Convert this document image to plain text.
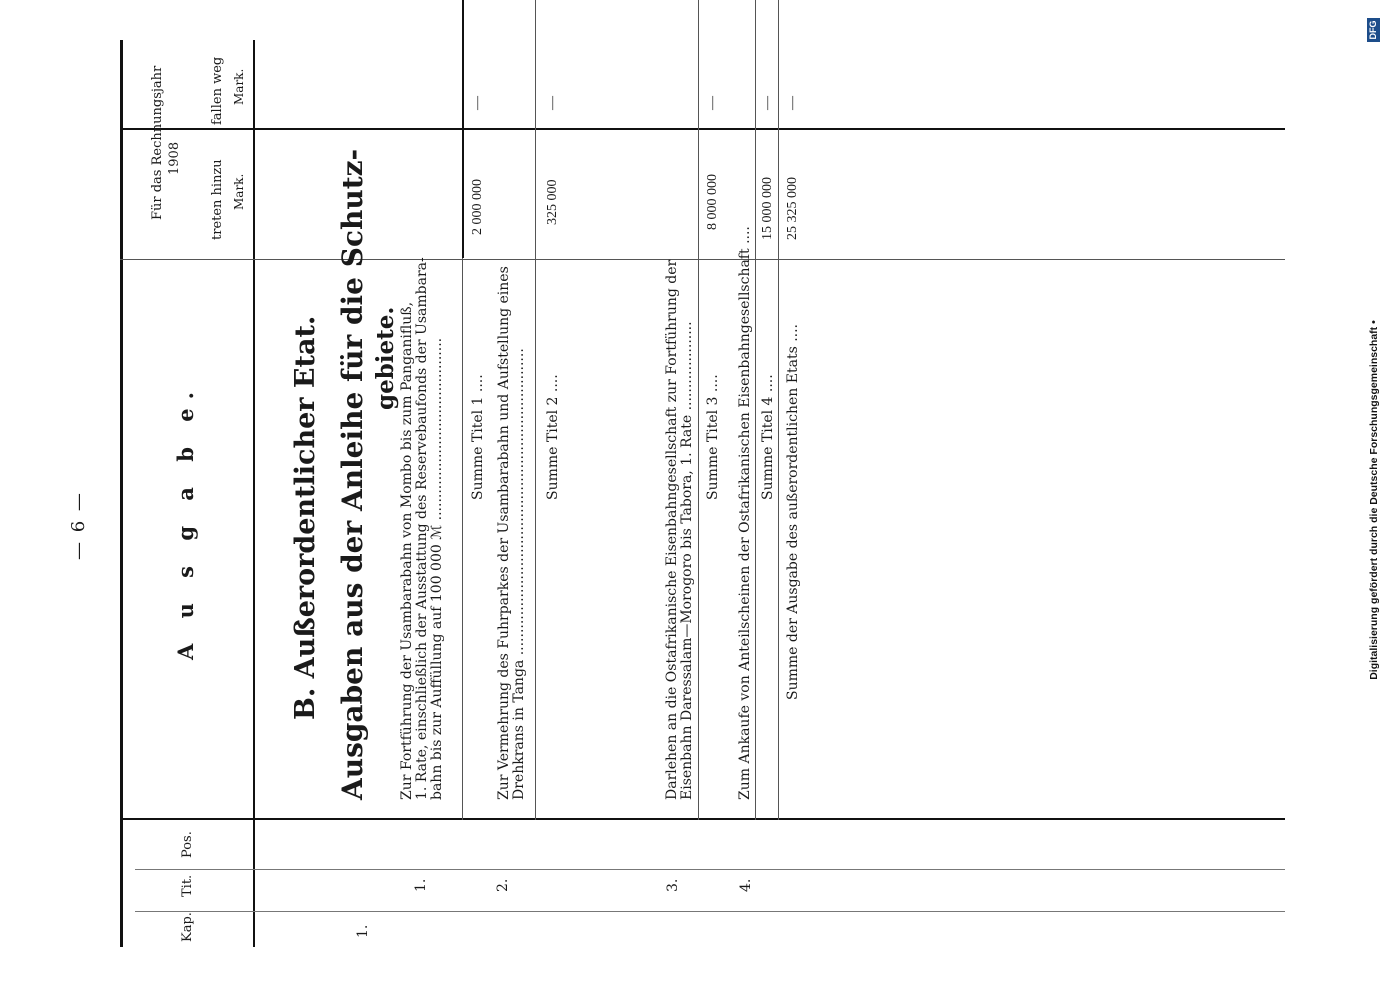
— 6 —	A u s g a b e.
Kap.
Tit.
Pos.
Für das Rechnungsjahr 1908
treten hinzu Mark.
fallen weg Mark.
B. Außerordentlicher Etat. Ausgaben aus der Anleihe für die Schutz- gebiete.
1.
1.
Zur Fortführung der Usambarabahn von Mombo bis zum Panganifluß, 1. Rate, einschließlich der Ausstattung des Reservebaufonds der Usambara- bahn bis zur Auffüllung auf 100 000 ℳ ......................................... Summe Titel 1 ....
2 000 000
—
2.
Zur Vermehrung des Fuhrparkes der Usambarabahn und Aufstellung eines Drehkrans in Tanga ..................................................................... Summe Titel 2 ....
325 000
—
3.
Darlehen an die Ostafrikanische Eisenbahngesellschaft zur Fortführung der Eisenbahn Daressalam—Morogoro bis Tabora, 1. Rate .................... Summe Titel 3 ....
8 000 000
—
4.
Zum Ankaufe von Anteilscheinen der Ostafrikanischen Eisenbahngesellschaft .... Summe Titel 4 ....
15 000 000
—
Summe der Ausgabe des außerordentlichen Etats ....
25 325 000
—
Digitalisierung gefördert durch die Deutsche Forschungsgemeinschaft •
DFG
